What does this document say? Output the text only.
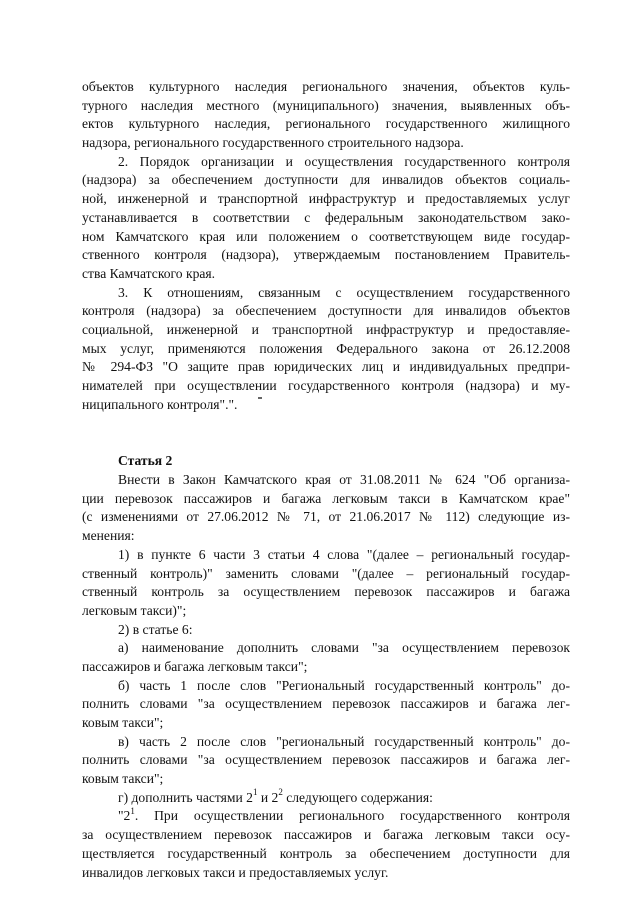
объектов культурного наследия регионального значения, объектов куль-
турного наследия местного (муниципального) значения, выявленных объ-
ектов культурного наследия, регионального государственного жилищного
надзора, регионального государственного строительного надзора.
2. Порядок организации и осуществления государственного контроля
(надзора) за обеспечением доступности для инвалидов объектов социаль-
ной, инженерной и транспортной инфраструктур и предоставляемых услуг
устанавливается в соответствии с федеральным законодательством зако-
ном Камчатского края или положением о соответствующем виде государ-
ственного контроля (надзора), утверждаемым постановлением Правитель-
ства Камчатского края.
3. К отношениям, связанным с осуществлением государственного
контроля (надзора) за обеспечением доступности для инвалидов объектов
социальной, инженерной и транспортной инфраструктур и предоставляе-
мых услуг, применяются положения Федерального закона от 26.12.2008
№ 294-ФЗ "О защите прав юридических лиц и индивидуальных предпри-
нимателей при осуществлении государственного контроля (надзора) и му-
ниципального контроля".".
Статья 2
Внести в Закон Камчатского края от 31.08.2011 № 624 "Об организа-
ции перевозок пассажиров и багажа легковым такси в Камчатском крае"
(с изменениями от 27.06.2012 № 71, от 21.06.2017 № 112) следующие из-
менения:
1) в пункте 6 части 3 статьи 4 слова "(далее – региональный государ-
ственный контроль)" заменить словами "(далее – региональный государ-
ственный контроль за осуществлением перевозок пассажиров и багажа
легковым такси)";
2) в статье 6:
а) наименование дополнить словами "за осуществлением перевозок
пассажиров и багажа легковым такси";
б) часть 1 после слов "Региональный государственный контроль" до-
полнить словами "за осуществлением перевозок пассажиров и багажа лег-
ковым такси";
в) часть 2 после слов "региональный государственный контроль" до-
полнить словами "за осуществлением перевозок пассажиров и багажа лег-
ковым такси";
г) дополнить частями $2^1$ и $2^2$ следующего содержания:
"$2^1$. При осуществлении регионального государственного контроля
за осуществлением перевозок пассажиров и багажа легковым такси осу-
ществляется государственный контроль за обеспечением доступности для
инвалидов легковых такси и предоставляемых услуг.
